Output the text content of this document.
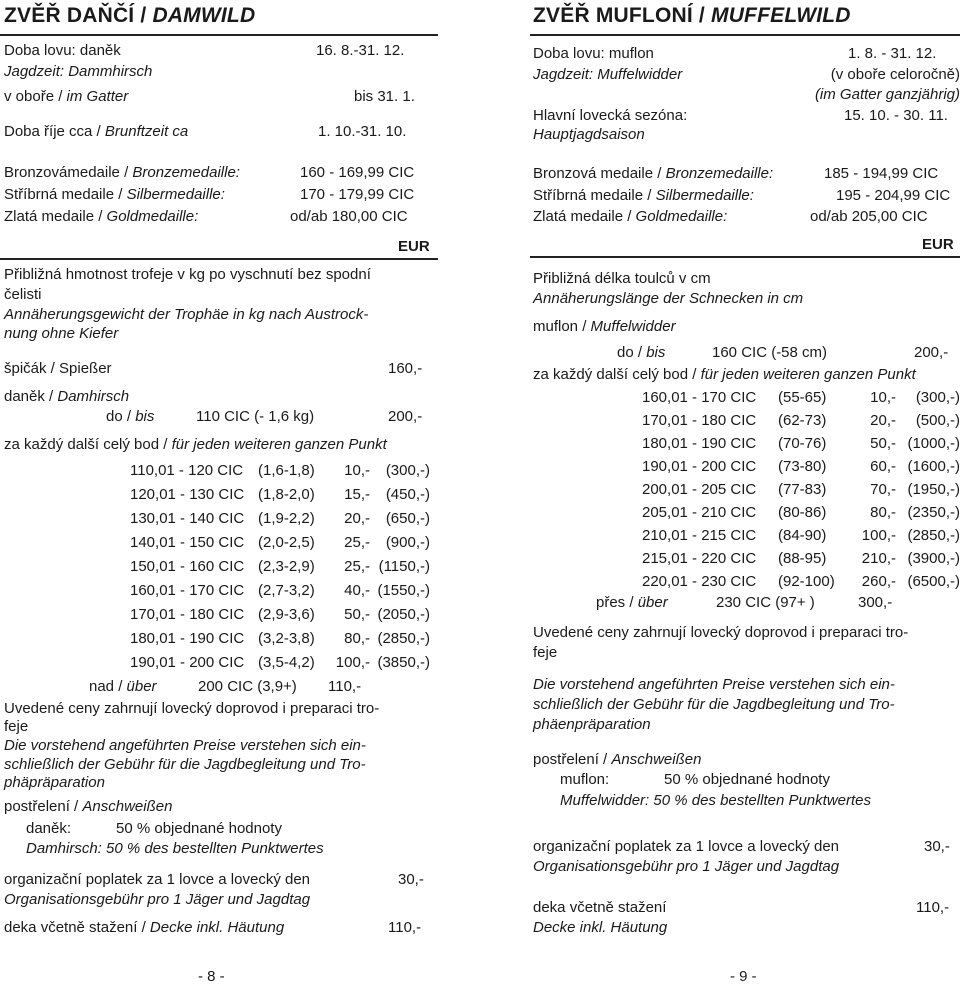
ZVĚŘ DAŇČÍ / DAMWILD
Doba lovu: daněk	16. 8.-31. 12.
Jagdzeit: Dammhirsch
v oboře / im Gatter	bis 31. 1.
Doba říje cca / Brunftzeit ca	1. 10.-31. 10.
Bronzovámedaile / Bronzemedaille:	160 - 169,99 CIC
Stříbrná medaile / Silbermedaille:	170 - 179,99 CIC
Zlatá medaile / Goldmedaille:	od/ab 180,00 CIC
EUR
Přibližná hmotnost trofeje v kg po vyschnutí bez spodní
čelisti
Annäherungsgewicht der Trophäe in kg nach Austrock-
nung ohne Kiefer
špičák / Spießer	160,-
daněk / Damhirsch
do / bis	110 CIC (- 1,6 kg)	200,-
za každý další celý bod / für jeden weiteren ganzen Punkt
110,01 - 120 CIC (1,6-1,8)	10,-	(300,-)
120,01 - 130 CIC (1,8-2,0)	15,-	(450,-)
130,01 - 140 CIC (1,9-2,2)	20,-	(650,-)
140,01 - 150 CIC (2,0-2,5)	25,-	(900,-)
150,01 - 160 CIC (2,3-2,9)	25,- (1150,-)
160,01 - 170 CIC (2,7-3,2)	40,- (1550,-)
170,01 - 180 CIC (2,9-3,6)	50,- (2050,-)
180,01 - 190 CIC (3,2-3,8)	80,- (2850,-)
190,01 - 200 CIC (3,5-4,2)	100,- (3850,-)
nad / über	200 CIC (3,9+) 110,-
Uvedené ceny zahrnují lovecký doprovod i preparaci tro-
feje
Die vorstehend angeführten Preise verstehen sich ein-
schließlich der Gebühr für die Jagdbegleitung und Tro-
phäpräparation
postřelení / Anschweißen
daněk:	50 % objednané hodnoty
Damhirsch: 50 % des bestellten Punktwertes
organizační poplatek za 1 lovce a lovecký den	30,-
Organisationsgebühr pro 1 Jäger und Jagdtag
deka včetně stažení / Decke inkl. Häutung	110,-
- 8 -
ZVĚŘ MUFLONÍ / MUFFELWILD
Doba lovu: muflon	1. 8. - 31. 12.
Jagdzeit: Muffelwidder	(v oboře celoročně)
(im Gatter ganzjährig)
Hlavní lovecká sezóna:	15. 10. - 30. 11.
Hauptjagdsaison
Bronzová medaile / Bronzemedaille:	185 - 194,99 CIC
Stříbrná medaile / Silbermedaille:	195 - 204,99 CIC
Zlatá medaile / Goldmedaille:	od/ab 205,00 CIC
EUR
Přibližná délka toulců v cm
Annäherungslänge der Schnecken in cm
muflon / Muffelwidder
do / bis	160 CIC (-58 cm)	200,-
za každý další celý bod / für jeden weiteren ganzen Punkt
160,01 - 170 CIC (55-65)	10,-	(300,-)
170,01 - 180 CIC (62-73)	20,-	(500,-)
180,01 - 190 CIC (70-76)	50,- (1000,-)
190,01 - 200 CIC (73-80)	60,- (1600,-)
200,01 - 205 CIC (77-83)	70,- (1950,-)
205,01 - 210 CIC (80-86)	80,- (2350,-)
210,01 - 215 CIC (84-90)	100,- (2850,-)
215,01 - 220 CIC (88-95)	210,- (3900,-)
220,01 - 230 CIC (92-100)	260,- (6500,-)
přes / über	230 CIC (97+ )	300,-
Uvedené ceny zahrnují lovecký doprovod i preparaci tro-
feje
Die vorstehend angeführten Preise verstehen sich ein-
schließlich der Gebühr für die Jagdbegleitung und Tro-
phäenpräparation
postřelení / Anschweißen
muflon:	50 % objednané hodnoty
Muffelwidder: 50 % des bestellten Punktwertes
organizační poplatek za 1 lovce a lovecký den	30,-
Organisationsgebühr pro 1 Jäger und Jagdtag
deka včetně stažení	110,-
Decke inkl. Häutung
- 9 -
